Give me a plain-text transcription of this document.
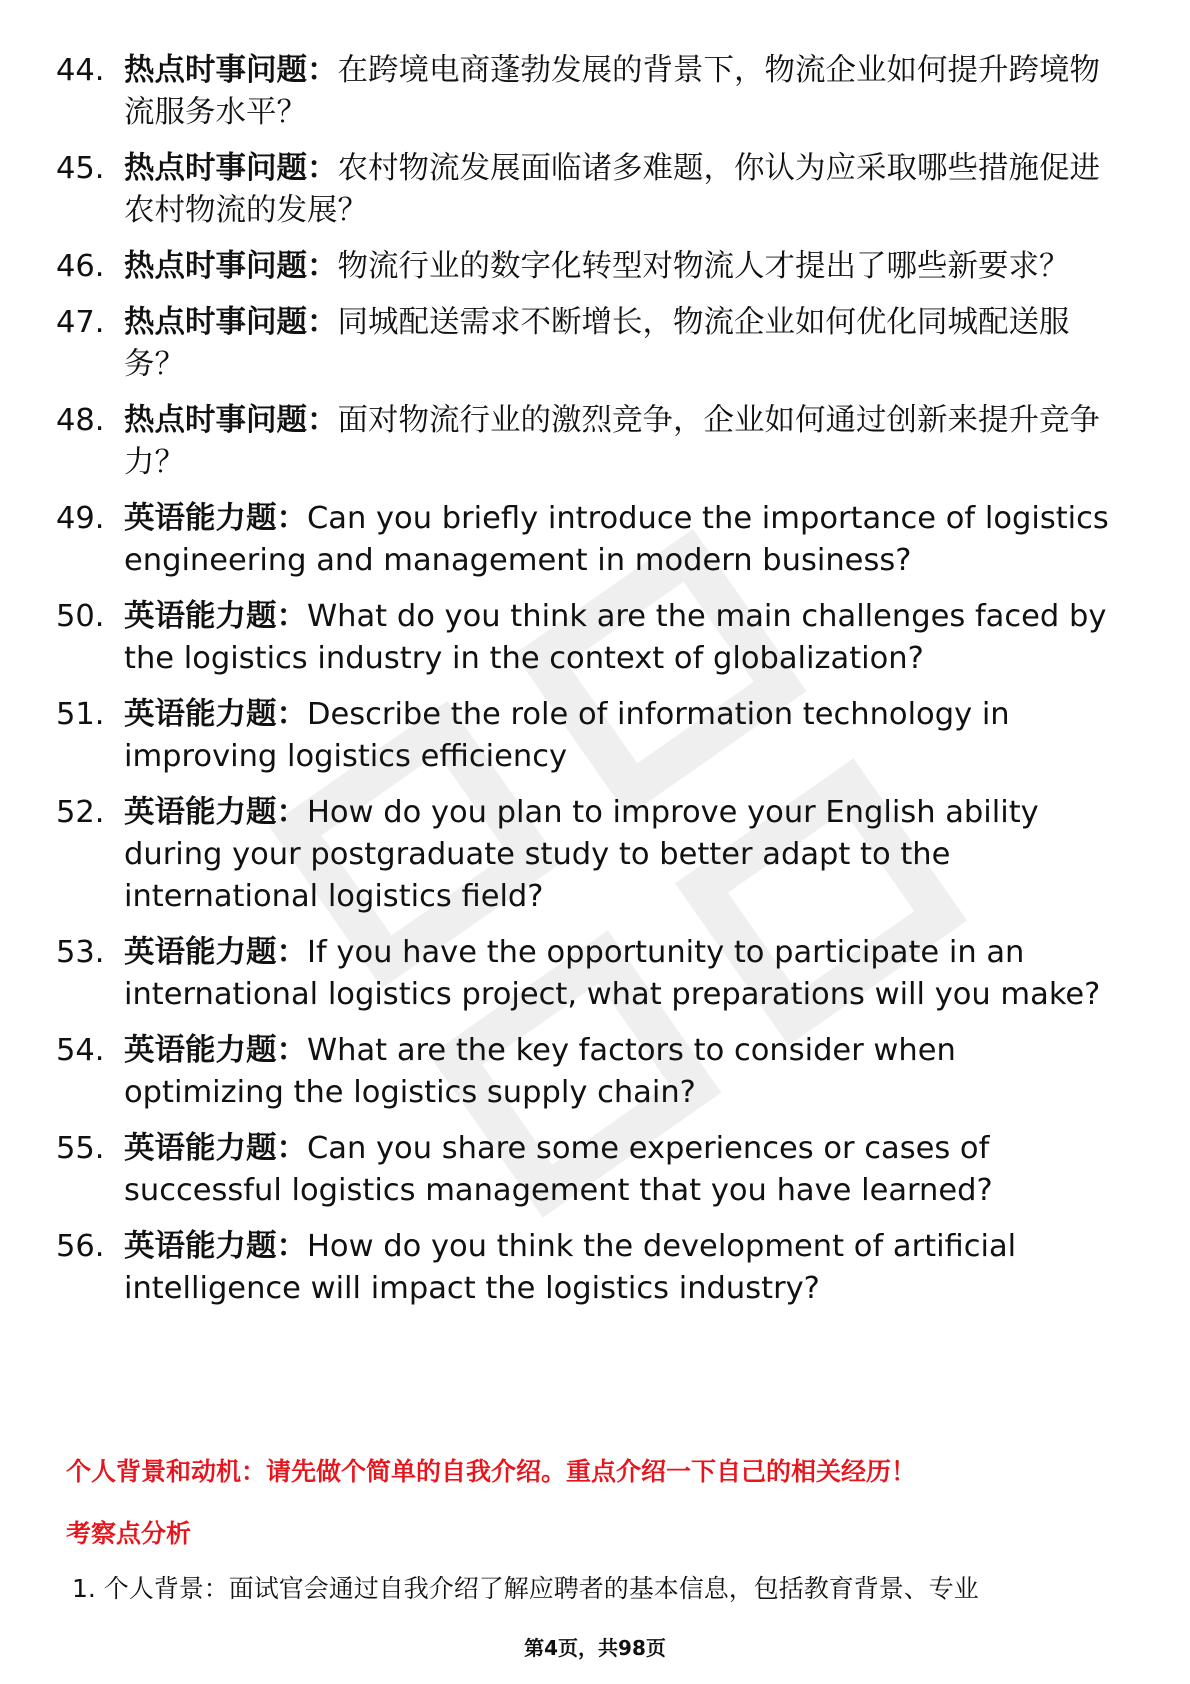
44. 热点时事问题：在跨境电商蓬勃发展的背景下，物流企业如何提升跨境物流服务水平？
45. 热点时事问题：农村物流发展面临诸多难题，你认为应采取哪些措施促进农村物流的发展？
46. 热点时事问题：物流行业的数字化转型对物流人才提出了哪些新要求？
47. 热点时事问题：同城配送需求不断增长，物流企业如何优化同城配送服务？
48. 热点时事问题：面对物流行业的激烈竞争，企业如何通过创新来提升竞争力？
49. 英语能力题：Can you briefly introduce the importance of logistics engineering and management in modern business?
50. 英语能力题：What do you think are the main challenges faced by the logistics industry in the context of globalization?
51. 英语能力题：Describe the role of information technology in improving logistics efficiency
52. 英语能力题：How do you plan to improve your English ability during your postgraduate study to better adapt to the international logistics field?
53. 英语能力题：If you have the opportunity to participate in an international logistics project, what preparations will you make?
54. 英语能力题：What are the key factors to consider when optimizing the logistics supply chain?
55. 英语能力题：Can you share some experiences or cases of successful logistics management that you have learned?
56. 英语能力题：How do you think the development of artificial intelligence will impact the logistics industry?
个人背景和动机：请先做个简单的自我介绍。重点介绍一下自己的相关经历！
考察点分析
1. 个人背景：面试官会通过自我介绍了解应聘者的基本信息，包括教育背景、专业
第4页，共98页
